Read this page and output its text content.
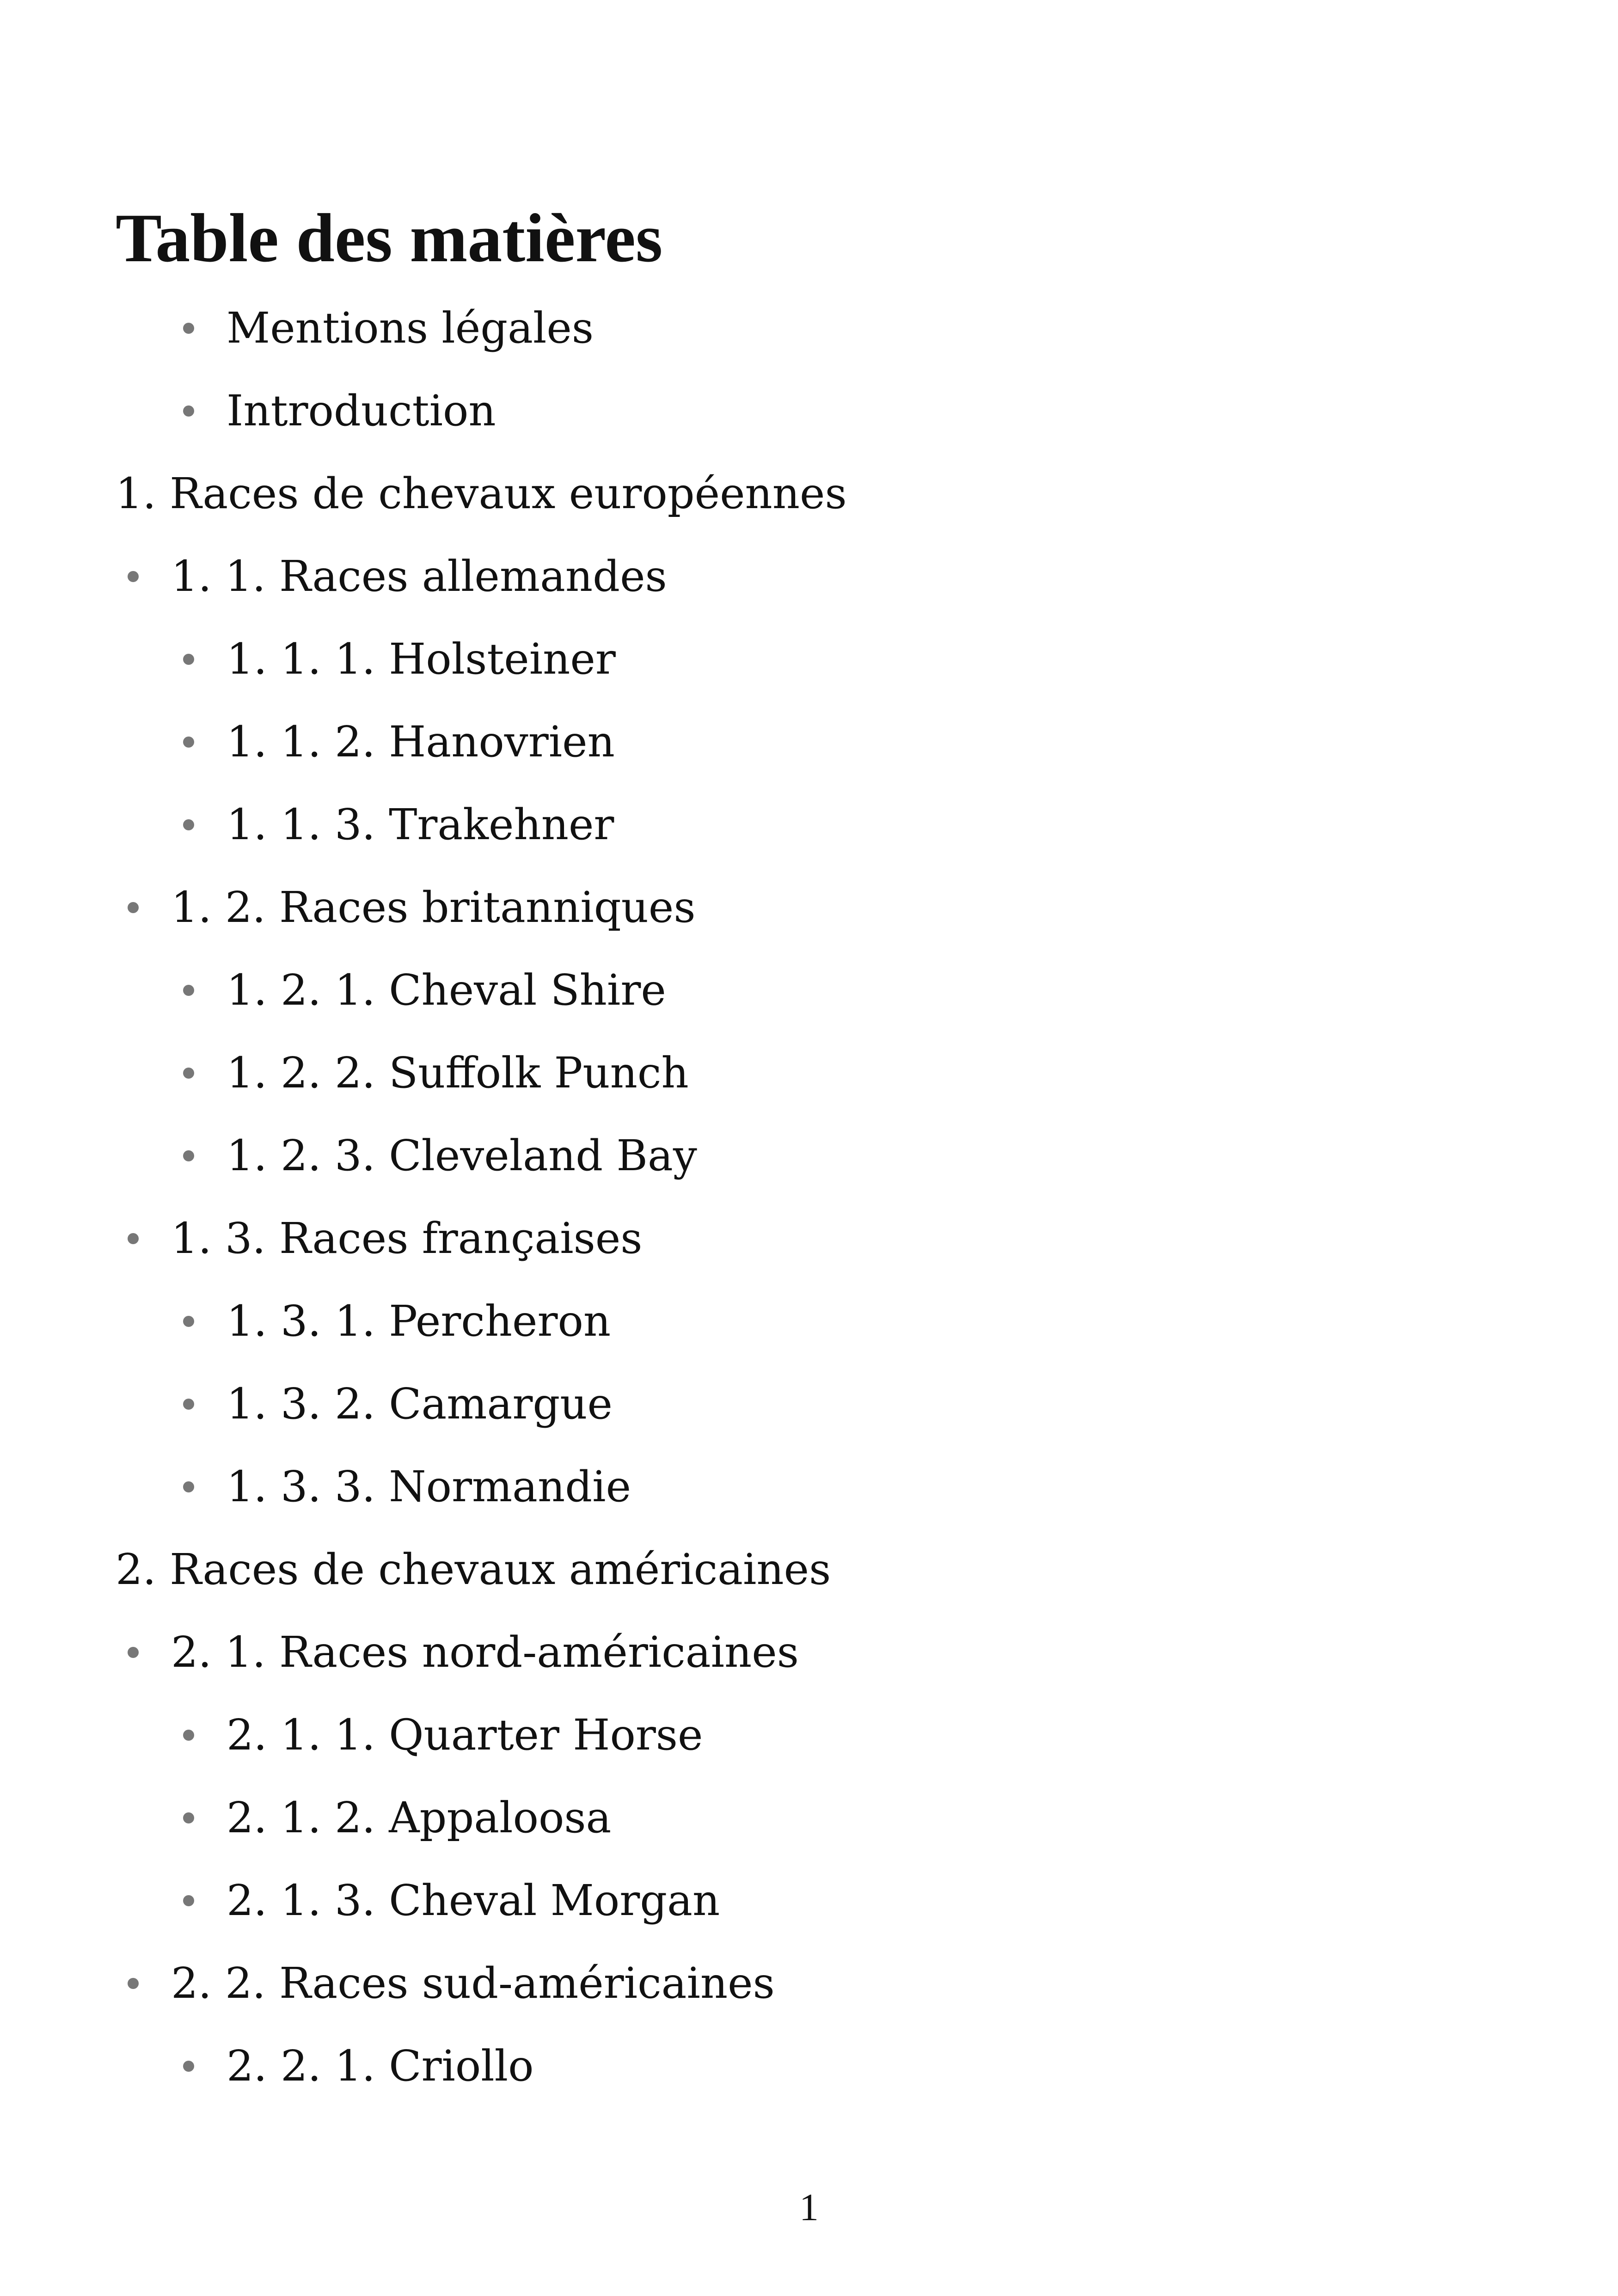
Table des matières
Mentions légales
Introduction
1. Races de chevaux européennes
1. 1. Races allemandes
1. 1. 1. Holsteiner
1. 1. 2. Hanovrien
1. 1. 3. Trakehner
1. 2. Races britanniques
1. 2. 1. Cheval Shire
1. 2. 2. Suffolk Punch
1. 2. 3. Cleveland Bay
1. 3. Races françaises
1. 3. 1. Percheron
1. 3. 2. Camargue
1. 3. 3. Normandie
2. Races de chevaux américaines
2. 1. Races nord-américaines
2. 1. 1. Quarter Horse
2. 1. 2. Appaloosa
2. 1. 3. Cheval Morgan
2. 2. Races sud-américaines
2. 2. 1. Criollo
1
